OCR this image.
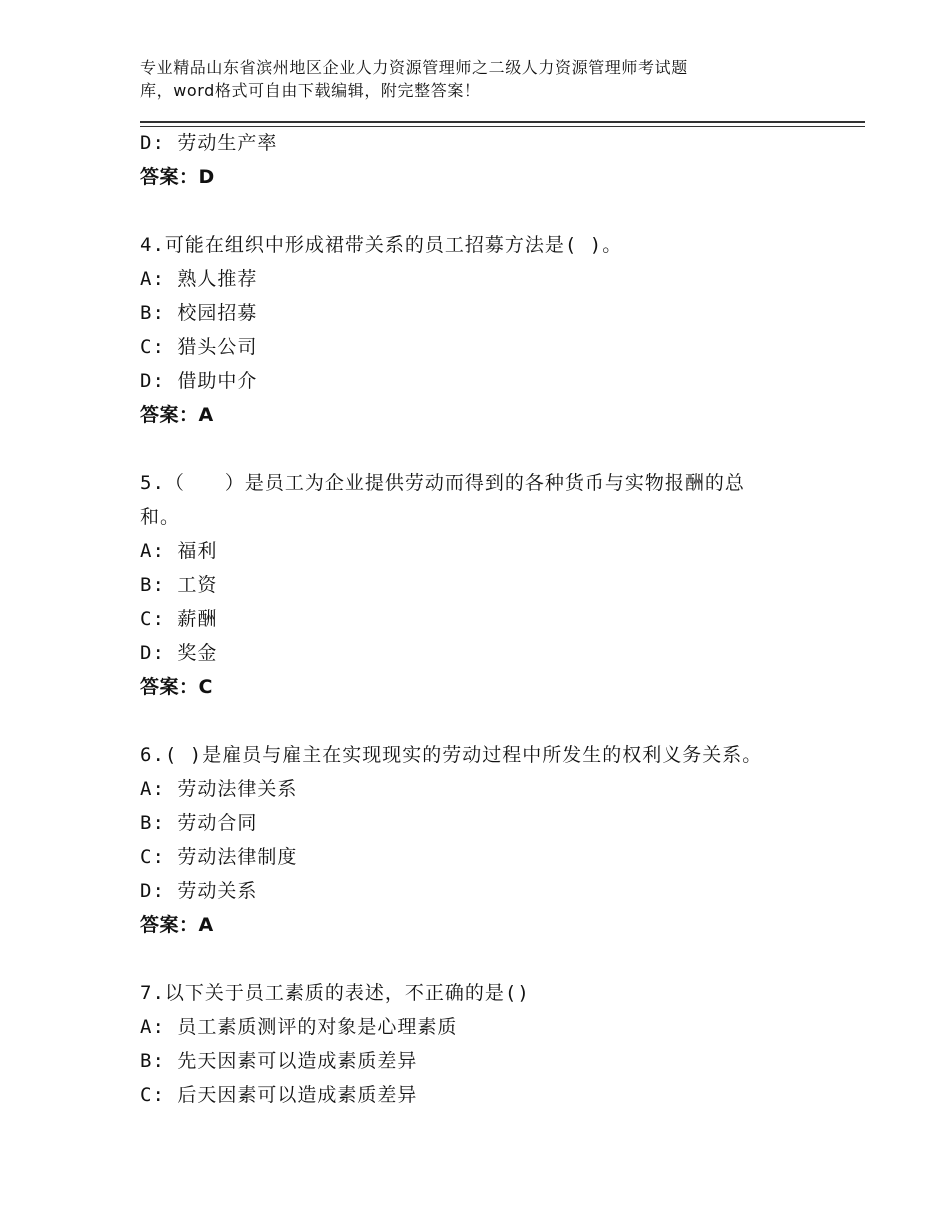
专业精品山东省滨州地区企业人力资源管理师之二级人力资源管理师考试题
库，word格式可自由下载编辑，附完整答案！
D: 劳动生产率
答案：D
4.可能在组织中形成裙带关系的员工招募方法是( )。
A: 熟人推荐
B: 校园招募
C: 猎头公司
D: 借助中介
答案：A
5.（　　）是员工为企业提供劳动而得到的各种货币与实物报酬的总
和。
A: 福利
B: 工资
C: 薪酬
D: 奖金
答案：C
6.( )是雇员与雇主在实现现实的劳动过程中所发生的权利义务关系。
A: 劳动法律关系
B: 劳动合同
C: 劳动法律制度
D: 劳动关系
答案：A
7.以下关于员工素质的表述，不正确的是()
A: 员工素质测评的对象是心理素质
B: 先天因素可以造成素质差异
C: 后天因素可以造成素质差异
